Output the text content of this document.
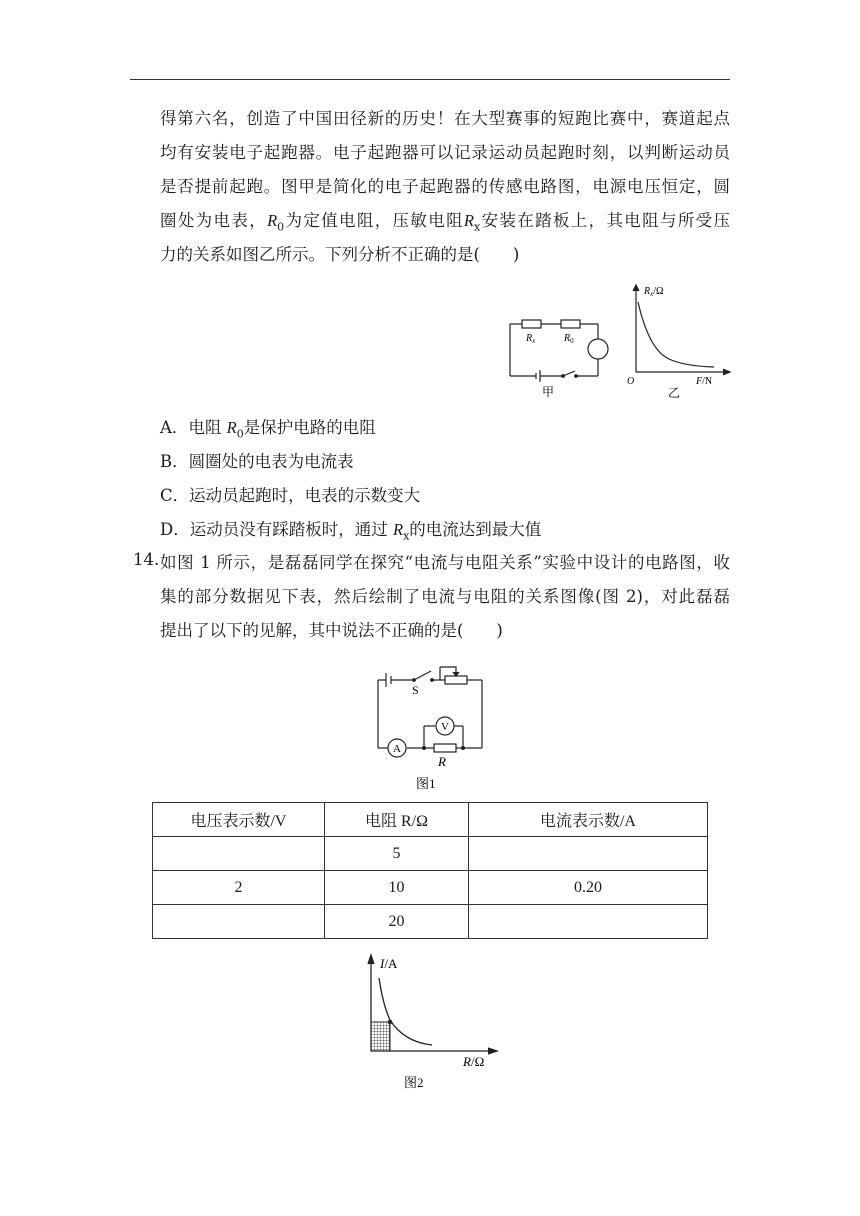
得第六名，创造了中国田径新的历史！在大型赛事的短跑比赛中，赛道起点
均有安装电子起跑器。电子起跑器可以记录运动员起跑时刻，以判断运动员
是否提前起跑。图甲是简化的电子起跑器的传感电路图，电源电压恒定，圆
圈处为电表，$R_0$为定值电阻，压敏电阻$R_x$安装在踏板上，其电阻与所受压
力的关系如图乙所示。下列分析不正确的是(　　)
$R_x$	$R_0$
甲
$R_x/\Omega$
O	F/N
乙
A．电阻 $R_0$是保护电路的电阻
B．圆圈处的电表为电流表
C．运动员起跑时，电表的示数变大
D．运动员没有踩踏板时，通过 $R_x$的电流达到最大值
14. 如图 1 所示，是磊磊同学在探究“电流与电阻关系”实验中设计的电路图，收
集的部分数据见下表，然后绘制了电流与电阻的关系图像(图 2)，对此磊磊
提出了以下的见解，其中说法不正确的是(　　)
S
V
A
R
图1
电压表示数/V	电阻 R/Ω	电流表示数/A
	5	
2	10	0.20
	20	
I/A
R/Ω
图2
